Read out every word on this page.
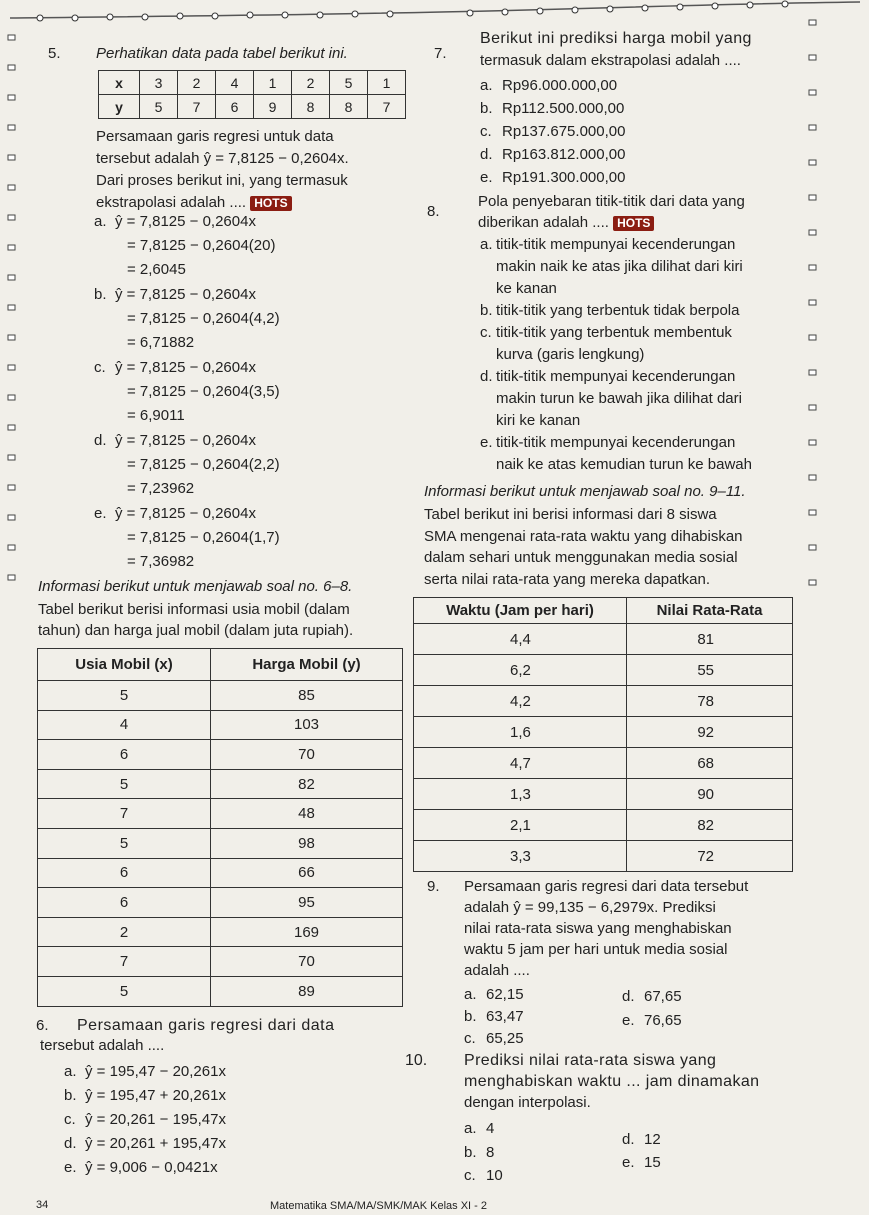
5. Perhatikan data pada tabel berikut ini.
x	3	2	4	1	2	5	1
y	5	7	6	9	8	8	7
Persamaan garis regresi untuk data
tersebut adalah ŷ = 7,8125 − 0,2604x.
Dari proses berikut ini, yang termasuk
ekstrapolasi adalah .... HOTS
a. ŷ = 7,8125 − 0,2604x
= 7,8125 − 0,2604(20)
= 2,6045
b. ŷ = 7,8125 − 0,2604x
= 7,8125 − 0,2604(4,2)
= 6,71882
c. ŷ = 7,8125 − 0,2604x
= 7,8125 − 0,2604(3,5)
= 6,9011
d. ŷ = 7,8125 − 0,2604x
= 7,8125 − 0,2604(2,2)
= 7,23962
e. ŷ = 7,8125 − 0,2604x
= 7,8125 − 0,2604(1,7)
= 7,36982
Informasi berikut untuk menjawab soal no. 6–8.
Tabel berikut berisi informasi usia mobil (dalam
tahun) dan harga jual mobil (dalam juta rupiah).
Usia Mobil (x)	Harga Mobil (y)
5	85
4	103
6	70
5	82
7	48
5	98
6	66
6	95
2	169
7	70
5	89
6. Persamaan garis regresi dari data
tersebut adalah ....
a. ŷ = 195,47 − 20,261x
b. ŷ = 195,47 + 20,261x
c. ŷ = 20,261 − 195,47x
d. ŷ = 20,261 + 195,47x
e. ŷ = 9,006 − 0,0421x
7.
Berikut ini prediksi harga mobil yang
termasuk dalam ekstrapolasi adalah ....
a. Rp96.000.000,00
b. Rp112.500.000,00
c. Rp137.675.000,00
d. Rp163.812.000,00
e. Rp191.300.000,00
8.
Pola penyebaran titik-titik dari data yang
diberikan adalah .... HOTS
a. titik-titik mempunyai kecenderungan
makin naik ke atas jika dilihat dari kiri
ke kanan
b. titik-titik yang terbentuk tidak berpola
c. titik-titik yang terbentuk membentuk
kurva (garis lengkung)
d. titik-titik mempunyai kecenderungan
makin turun ke bawah jika dilihat dari
kiri ke kanan
e. titik-titik mempunyai kecenderungan
naik ke atas kemudian turun ke bawah
Informasi berikut untuk menjawab soal no. 9–11.
Tabel berikut ini berisi informasi dari 8 siswa
SMA mengenai rata-rata waktu yang dihabiskan
dalam sehari untuk menggunakan media sosial
serta nilai rata-rata yang mereka dapatkan.
Waktu (Jam per hari)	Nilai Rata-Rata
4,4	81
6,2	55
4,2	78
1,6	92
4,7	68
1,3	90
2,1	82
3,3	72
9. Persamaan garis regresi dari data tersebut
adalah ŷ = 99,135 − 6,2979x. Prediksi
nilai rata-rata siswa yang menghabiskan
waktu 5 jam per hari untuk media sosial
adalah ....
a. 62,15
b. 63,47
c. 65,25
d. 67,65
e. 76,65
10. Prediksi nilai rata-rata siswa yang
menghabiskan waktu ... jam dinamakan
dengan interpolasi.
a. 4
b. 8
c. 10
d. 12
e. 15
34	Matematika SMA/MA/SMK/MAK Kelas XI - 2
